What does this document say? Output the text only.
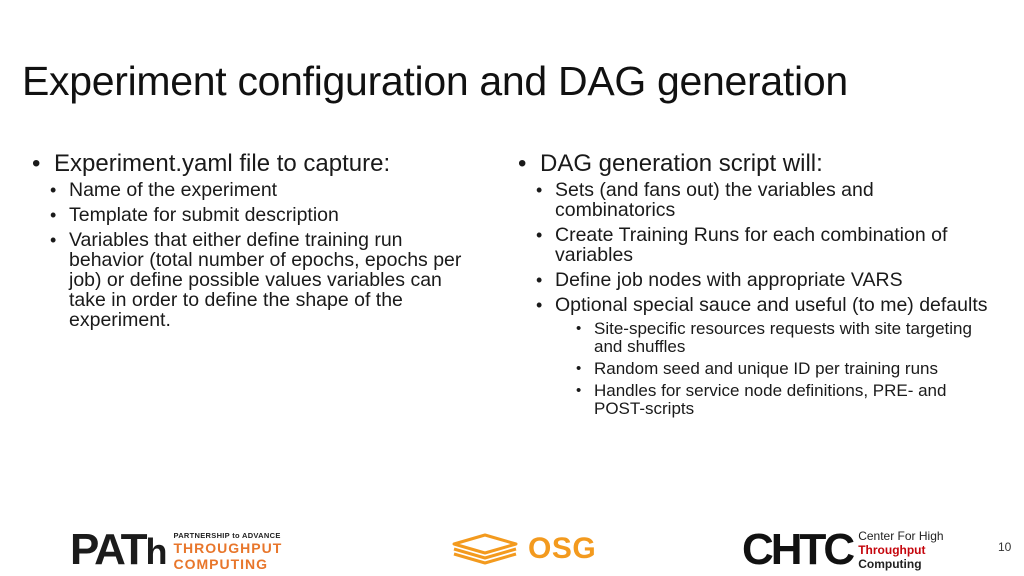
Experiment configuration and DAG generation
• Experiment.yaml file to capture:
• Name of the experiment
• Template for submit description
• Variables that either define training run behavior (total number of epochs, epochs per job) or define possible values variables can take in order to define the shape of the experiment.
• DAG generation script will:
• Sets (and fans out) the variables and combinatorics
• Create Training Runs for each combination of variables
• Define job nodes with appropriate VARS
• Optional special sauce and useful (to me) defaults
• Site-specific resources requests with site targeting and shuffles
• Random seed and unique ID per training runs
• Handles for service node definitions, PRE- and POST-scripts
PATh PARTNERSHIP to ADVANCE
THROUGHPUT
COMPUTING	OSG	CHTC Center For High
Throughput
Computing
10
